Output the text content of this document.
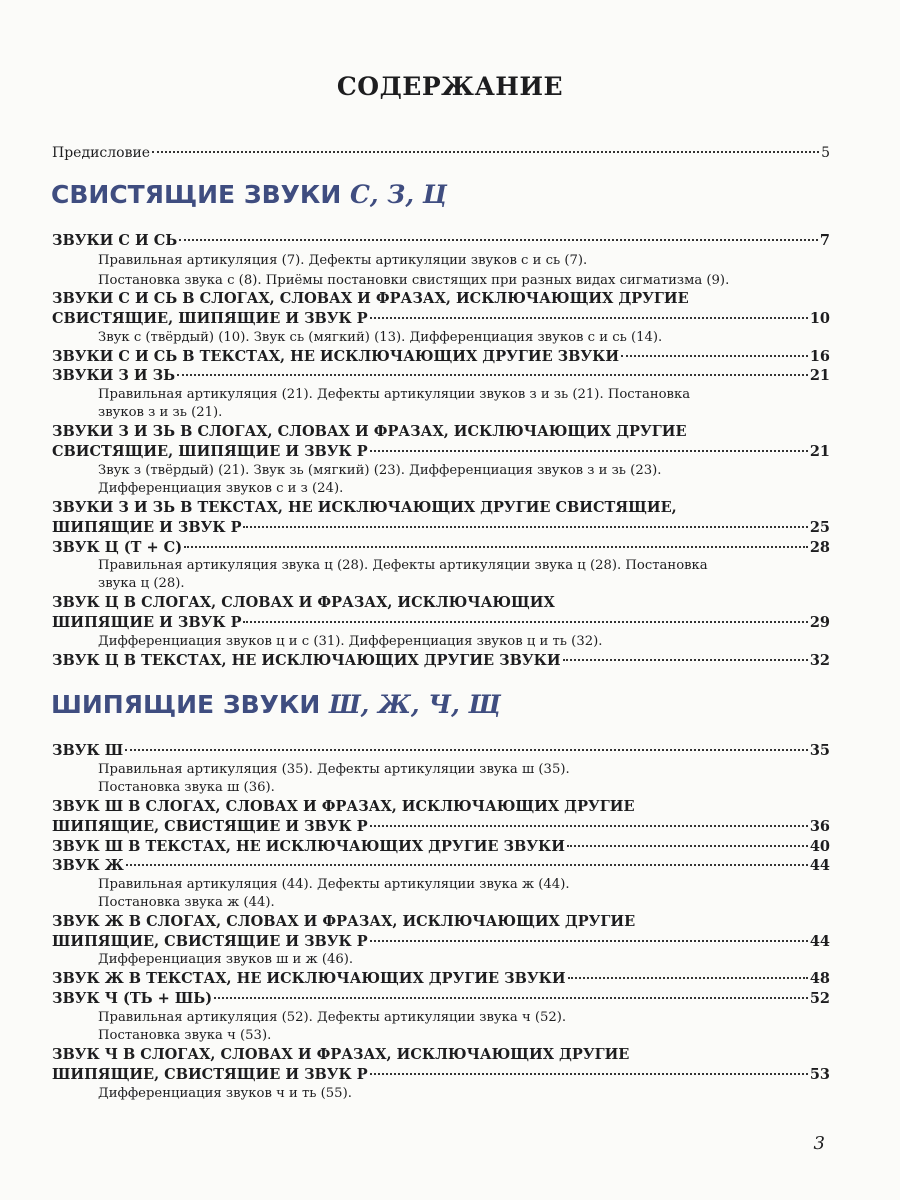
СОДЕРЖАНИЕ
Предисловие	5
СВИСТЯЩИЕ ЗВУКИ С, З, Ц
ЗВУКИ С И СЬ	7
Правильная артикуляция (7). Дефекты артикуляции звуков с и сь (7).
Постановка звука с (8). Приёмы постановки свистящих при разных видах сигматизма (9).
ЗВУКИ С И СЬ В СЛОГАХ, СЛОВАХ И ФРАЗАХ, ИСКЛЮЧАЮЩИХ ДРУГИЕ
СВИСТЯЩИЕ, ШИПЯЩИЕ И ЗВУК Р	10
Звук с (твёрдый) (10). Звук сь (мягкий) (13). Дифференциация звуков с и сь (14).
ЗВУКИ С И СЬ В ТЕКСТАХ, НЕ ИСКЛЮЧАЮЩИХ ДРУГИЕ ЗВУКИ	16
ЗВУКИ З И ЗЬ	21
Правильная артикуляция (21). Дефекты артикуляции звуков з и зь (21). Постановка
звуков з и зь (21).
ЗВУКИ З И ЗЬ В СЛОГАХ, СЛОВАХ И ФРАЗАХ, ИСКЛЮЧАЮЩИХ ДРУГИЕ
СВИСТЯЩИЕ, ШИПЯЩИЕ И ЗВУК Р	21
Звук з (твёрдый) (21). Звук зь (мягкий) (23). Дифференциация звуков з и зь (23).
Дифференциация звуков с и з (24).
ЗВУКИ З И ЗЬ В ТЕКСТАХ, НЕ ИСКЛЮЧАЮЩИХ ДРУГИЕ СВИСТЯЩИЕ,
ШИПЯЩИЕ И ЗВУК Р	25
ЗВУК Ц (Т + С)	28
Правильная артикуляция звука ц (28). Дефекты артикуляции звука ц (28). Постановка
звука ц (28).
ЗВУК Ц В СЛОГАХ, СЛОВАХ И ФРАЗАХ, ИСКЛЮЧАЮЩИХ
ШИПЯЩИЕ И ЗВУК Р	29
Дифференциация звуков ц и с (31). Дифференциация звуков ц и ть (32).
ЗВУК Ц В ТЕКСТАХ, НЕ ИСКЛЮЧАЮЩИХ ДРУГИЕ ЗВУКИ	32
ШИПЯЩИЕ ЗВУКИ Ш, Ж, Ч, Щ
ЗВУК Ш	35
Правильная артикуляция (35). Дефекты артикуляции звука ш (35).
Постановка звука ш (36).
ЗВУК Ш В СЛОГАХ, СЛОВАХ И ФРАЗАХ, ИСКЛЮЧАЮЩИХ ДРУГИЕ
ШИПЯЩИЕ, СВИСТЯЩИЕ И ЗВУК Р	36
ЗВУК Ш В ТЕКСТАХ, НЕ ИСКЛЮЧАЮЩИХ ДРУГИЕ ЗВУКИ	40
ЗВУК Ж	44
Правильная артикуляция (44). Дефекты артикуляции звука ж (44).
Постановка звука ж (44).
ЗВУК Ж В СЛОГАХ, СЛОВАХ И ФРАЗАХ, ИСКЛЮЧАЮЩИХ ДРУГИЕ
ШИПЯЩИЕ, СВИСТЯЩИЕ И ЗВУК Р	44
Дифференциация звуков ш и ж (46).
ЗВУК Ж В ТЕКСТАХ, НЕ ИСКЛЮЧАЮЩИХ ДРУГИЕ ЗВУКИ	48
ЗВУК Ч (ТЬ + ШЬ)	52
Правильная артикуляция (52). Дефекты артикуляции звука ч (52).
Постановка звука ч (53).
ЗВУК Ч В СЛОГАХ, СЛОВАХ И ФРАЗАХ, ИСКЛЮЧАЮЩИХ ДРУГИЕ
ШИПЯЩИЕ, СВИСТЯЩИЕ И ЗВУК Р	53
Дифференциация звуков ч и ть (55).
3
